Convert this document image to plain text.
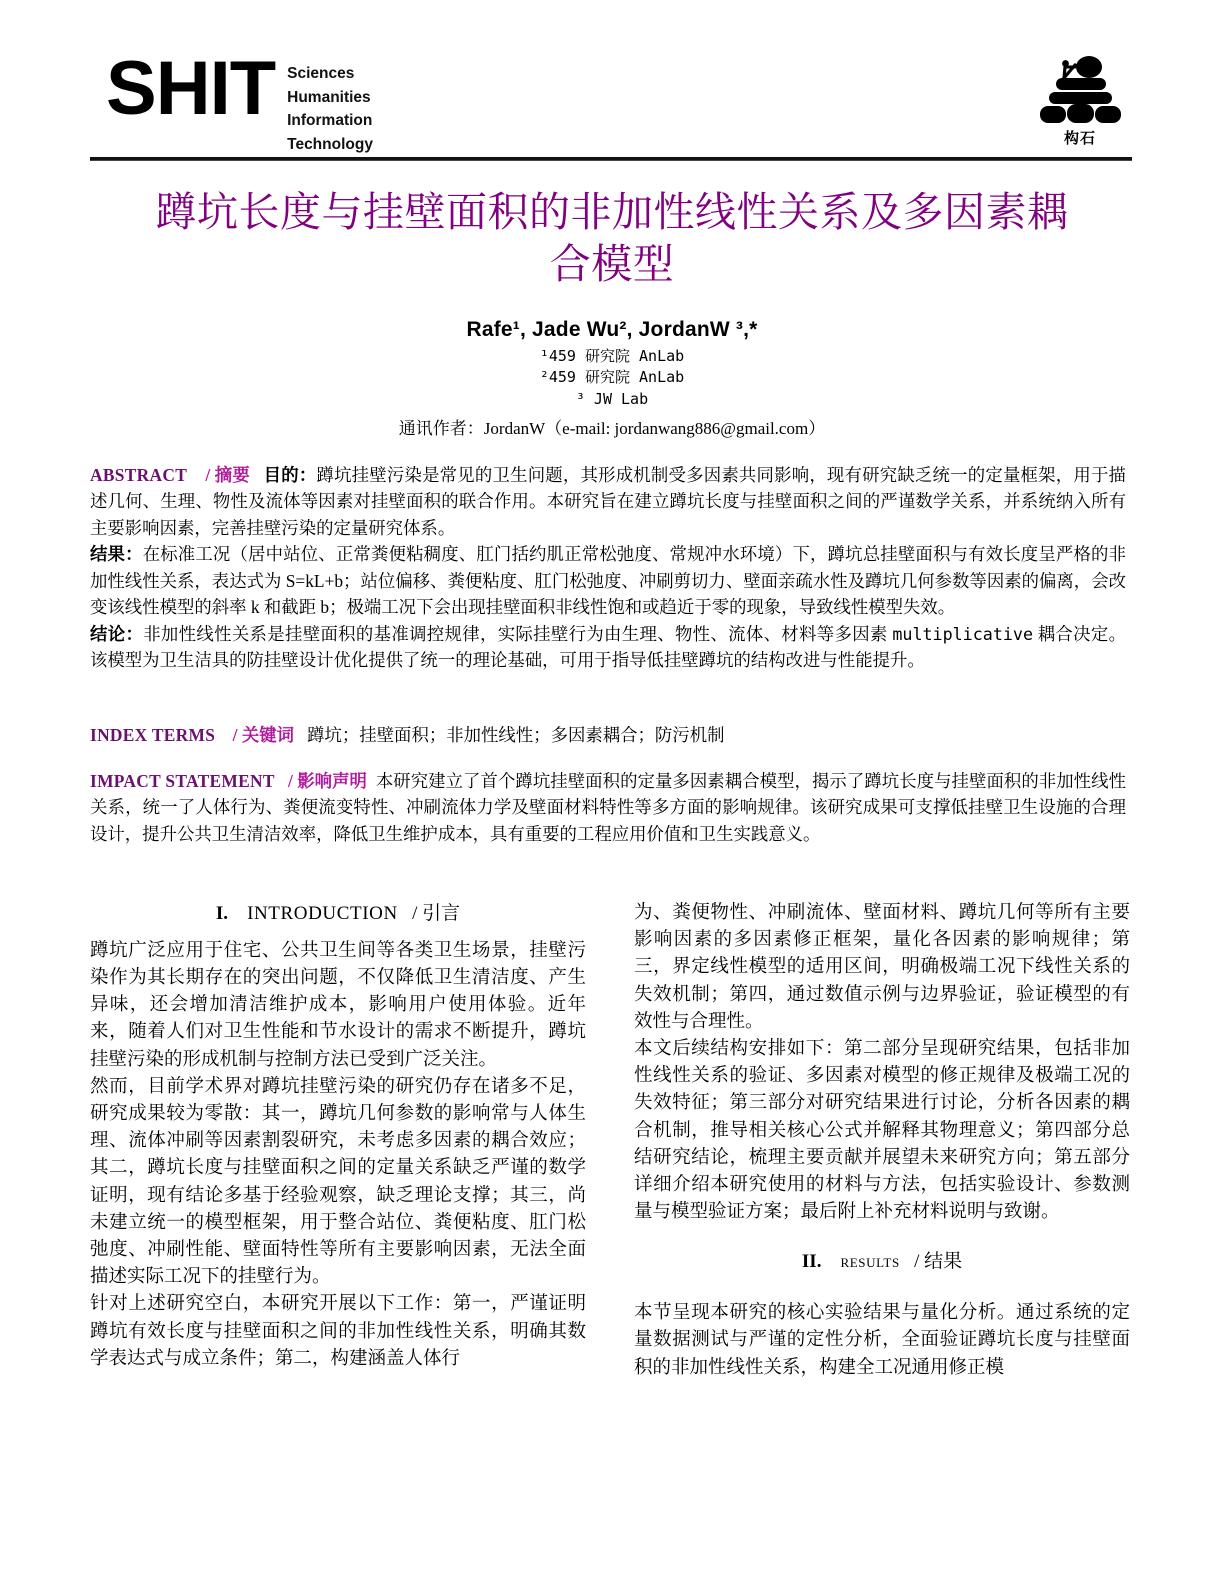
SHIT Sciences
Humanities
Information
Technology	构石
蹲坑长度与挂壁面积的非加性线性关系及多因素耦合模型
Rafe¹, Jade Wu², JordanW ³,*
¹459 研究院 AnLab
²459 研究院 AnLab
³ JW Lab
通讯作者：JordanW（e-mail: jordanwang886@gmail.com）

ABSTRACT / 摘要 目的：蹲坑挂壁污染是常见的卫生问题，其形成机制受多因素共同影响，现有研究缺乏统一的定量框架，用于描述几何、生理、物性及流体等因素对挂壁面积的联合作用。本研究旨在建立蹲坑长度与挂壁面积之间的严谨数学关系，并系统纳入所有主要影响因素，完善挂壁污染的定量研究体系。

结果：在标准工况（居中站位、正常粪便粘稠度、肛门括约肌正常松弛度、常规冲水环境）下，蹲坑总挂壁面积与有效长度呈严格的非加性线性关系，表达式为 S=kL+b；站位偏移、粪便粘度、肛门松弛度、冲刷剪切力、壁面亲疏水性及蹲坑几何参数等因素的偏离，会改变该线性模型的斜率 k 和截距 b；极端工况下会出现挂壁面积非线性饱和或趋近于零的现象，导致线性模型失效。

结论：非加性线性关系是挂壁面积的基准调控规律，实际挂壁行为由生理、物性、流体、材料等多因素 multiplicative 耦合决定。该模型为卫生洁具的防挂壁设计优化提供了统一的理论基础，可用于指导低挂壁蹲坑的结构改进与性能提升。

INDEX TERMS / 关键词 蹲坑；挂壁面积；非加性线性；多因素耦合；防污机制

IMPACT STATEMENT / 影响声明 本研究建立了首个蹲坑挂壁面积的定量多因素耦合模型，揭示了蹲坑长度与挂壁面积的非加性线性关系，统一了人体行为、粪便流变特性、冲刷流体力学及壁面材料特性等多方面的影响规律。该研究成果可支撑低挂壁卫生设施的合理设计，提升公共卫生清洁效率，降低卫生维护成本，具有重要的工程应用价值和卫生实践意义。

I. INTRODUCTION / 引言

蹲坑广泛应用于住宅、公共卫生间等各类卫生场景，挂壁污染作为其长期存在的突出问题，不仅降低卫生清洁度、产生异味，还会增加清洁维护成本，影响用户使用体验。近年来，随着人们对卫生性能和节水设计的需求不断提升，蹲坑挂壁污染的形成机制与控制方法已受到广泛关注。

然而，目前学术界对蹲坑挂壁污染的研究仍存在诸多不足，研究成果较为零散：其一，蹲坑几何参数的影响常与人体生理、流体冲刷等因素割裂研究，未考虑多因素的耦合效应；其二，蹲坑长度与挂壁面积之间的定量关系缺乏严谨的数学证明，现有结论多基于经验观察，缺乏理论支撑；其三，尚未建立统一的模型框架，用于整合站位、粪便粘度、肛门松弛度、冲刷性能、壁面特性等所有主要影响因素，无法全面描述实际工况下的挂壁行为。

针对上述研究空白，本研究开展以下工作：第一，严谨证明蹲坑有效长度与挂壁面积之间的非加性线性关系，明确其数学表达式与成立条件；第二，构建涵盖人体行

为、粪便物性、冲刷流体、壁面材料、蹲坑几何等所有主要影响因素的多因素修正框架，量化各因素的影响规律；第三，界定线性模型的适用区间，明确极端工况下线性关系的失效机制；第四，通过数值示例与边界验证，验证模型的有效性与合理性。

本文后续结构安排如下：第二部分呈现研究结果，包括非加性线性关系的验证、多因素对模型的修正规律及极端工况的失效特征；第三部分对研究结果进行讨论，分析各因素的耦合机制，推导相关核心公式并解释其物理意义；第四部分总结研究结论，梳理主要贡献并展望未来研究方向；第五部分详细介绍本研究使用的材料与方法，包括实验设计、参数测量与模型验证方案；最后附上补充材料说明与致谢。

II. results / 结果

本节呈现本研究的核心实验结果与量化分析。通过系统的定量数据测试与严谨的定性分析，全面验证蹲坑长度与挂壁面积的非加性线性关系，构建全工况通用修正模
